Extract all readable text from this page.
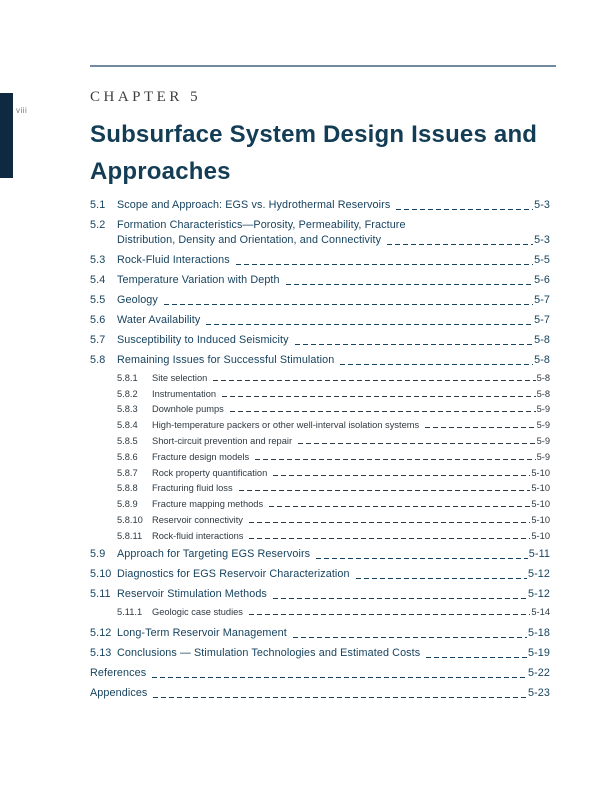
viii
CHAPTER 5
Subsurface System Design Issues and
Approaches
5.1	Scope and Approach: EGS vs. Hydrothermal Reservoirs	5-3
5.2	Formation Characteristics—Porosity, Permeability, Fracture
Distribution, Density and Orientation, and Connectivity	5-3
5.3	Rock-Fluid Interactions	5-5
5.4	Temperature Variation with Depth	5-6
5.5	Geology	5-7
5.6	Water Availability	5-7
5.7	Susceptibility to Induced Seismicity	5-8
5.8	Remaining Issues for Successful Stimulation	5-8
5.8.1	Site selection	5-8
5.8.2	Instrumentation	5-8
5.8.3	Downhole pumps	5-9
5.8.4	High-temperature packers or other well-interval isolation systems	5-9
5.8.5	Short-circuit prevention and repair	5-9
5.8.6	Fracture design models	5-9
5.8.7	Rock property quantification	5-10
5.8.8	Fracturing fluid loss	5-10
5.8.9	Fracture mapping methods	5-10
5.8.10 Reservoir connectivity	5-10
5.8.11	Rock-fluid interactions	5-10
5.9	Approach for Targeting EGS Reservoirs	5-11
5.10 Diagnostics for EGS Reservoir Characterization	5-12
5.11 Reservoir Stimulation Methods	5-12
5.11.1	Geologic case studies	5-14
5.12 Long-Term Reservoir Management	5-18
5.13 Conclusions — Stimulation Technologies and Estimated Costs	5-19
References	5-22
Appendices	5-23
